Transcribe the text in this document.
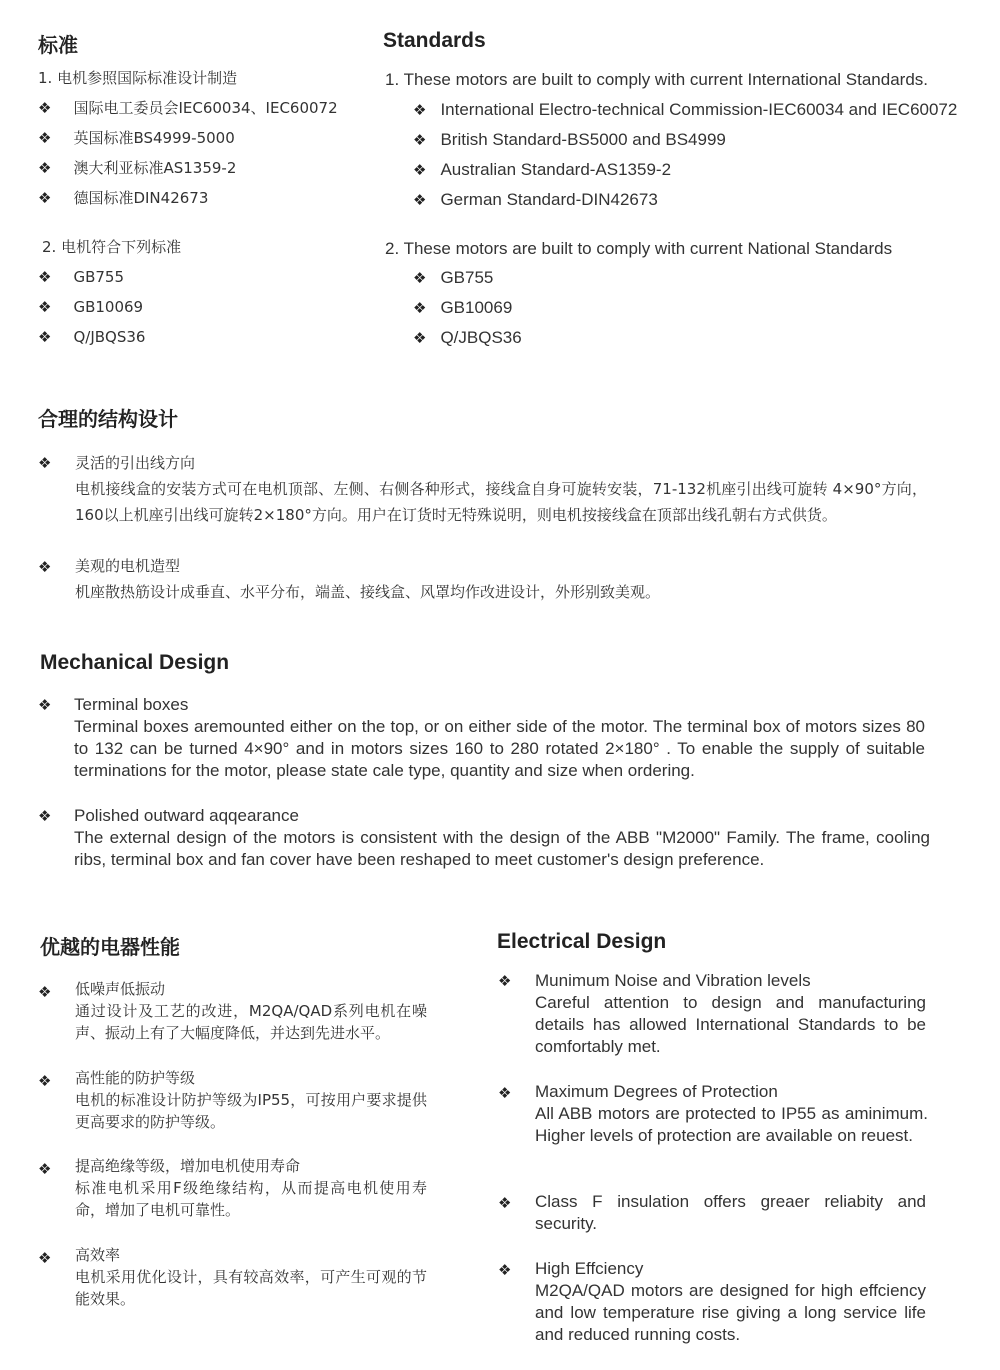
标准
1. 电机参照国际标准设计制造
❖ 国际电工委员会IEC60034、IEC60072
❖ 英国标准BS4999-5000
❖ 澳大利亚标准AS1359-2
❖ 德国标准DIN42673
2. 电机符合下列标准
❖ GB755
❖ GB10069
❖ Q/JBQS36
Standards
1. These motors are built to comply with current International Standards.
❖ International Electro-technical Commission-IEC60034 and IEC60072
❖ British Standard-BS5000 and BS4999
❖ Australian Standard-AS1359-2
❖ German Standard-DIN42673
2. These motors are built to comply with current National Standards
❖ GB755
❖ GB10069
❖ Q/JBQS36
合理的结构设计
❖ 灵活的引出线方向
电机接线盒的安装方式可在电机顶部、左侧、右侧各种形式，接线盒自身可旋转安装，71-132机座引出线可旋转 4×90°方向，160以上机座引出线可旋转2×180°方向。用户在订货时无特殊说明，则电机按接线盒在顶部出线孔朝右方式供货。
❖ 美观的电机造型
机座散热筋设计成垂直、水平分布，端盖、接线盒、风罩均作改进设计，外形别致美观。
Mechanical Design
❖ Terminal boxes
Terminal boxes aremounted either on the top, or on either side of the motor. The terminal box of motors sizes 80 to 132 can be turned 4×90° and in motors sizes 160 to 280 rotated 2×180° . To enable the supply of suitable terminations for the motor, please state cale type, quantity and size when ordering.
❖ Polished outward aqqearance
The external design of the motors is consistent with the design of the ABB "M2000" Family. The frame, cooling ribs, terminal box and fan cover have been reshaped to meet customer's design preference.
优越的电器性能
❖ 低噪声低振动
通过设计及工艺的改进，M2QA/QAD系列电机在噪声、振动上有了大幅度降低，并达到先进水平。
❖ 高性能的防护等级
电机的标准设计防护等级为IP55，可按用户要求提供更高要求的防护等级。
❖ 提高绝缘等级，增加电机使用寿命
标准电机采用F级绝缘结构，从而提高电机使用寿命，增加了电机可靠性。
❖ 高效率
电机采用优化设计，具有较高效率，可产生可观的节能效果。
Electrical Design
❖ Munimum Noise and Vibration levels
Careful attention to design and manufacturing details has allowed International Standards to be comfortably met.
❖ Maximum Degrees of Protection
All ABB motors are protected to IP55 as aminimum. Higher levels of protection are available on reuest.
❖ Class F insulation offers greaer reliabity and security.
❖ High Effciency
M2QA/QAD motors are designed for high effciency and low temperature rise giving a long service life and reduced running costs.
